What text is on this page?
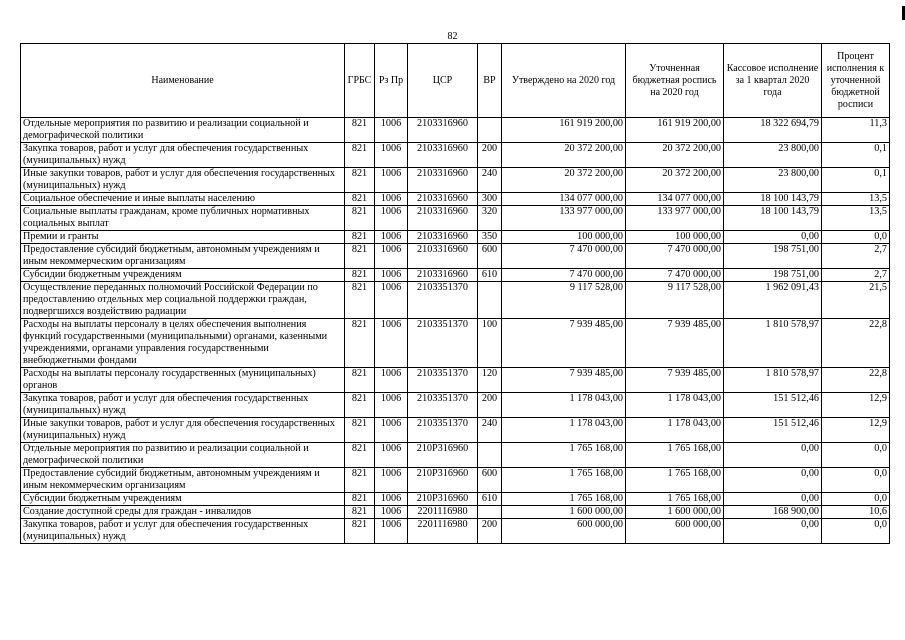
82
Наименование	ГРБС	Рз Пр	ЦСР	ВР	Утверждено на 2020 год	Уточненная бюджетная роспись на 2020 год	Кассовое исполнение за 1 квартал 2020 года	Процент исполнения к уточненной бюджетной росписи
Отдельные мероприятия по развитию и реализации социальной и демографической политики	821	1006	2103316960		161 919 200,00	161 919 200,00	18 322 694,79	11,3
Закупка товаров, работ и услуг для обеспечения государственных (муниципальных) нужд	821	1006	2103316960	200	20 372 200,00	20 372 200,00	23 800,00	0,1
Иные закупки товаров, работ и услуг для обеспечения государственных (муниципальных) нужд	821	1006	2103316960	240	20 372 200,00	20 372 200,00	23 800,00	0,1
Социальное обеспечение и иные выплаты населению	821	1006	2103316960	300	134 077 000,00	134 077 000,00	18 100 143,79	13,5
Социальные выплаты гражданам, кроме публичных нормативных социальных выплат	821	1006	2103316960	320	133 977 000,00	133 977 000,00	18 100 143,79	13,5
Премии и гранты	821	1006	2103316960	350	100 000,00	100 000,00	0,00	0,0
Предоставление субсидий бюджетным, автономным учреждениям и иным некоммерческим организациям	821	1006	2103316960	600	7 470 000,00	7 470 000,00	198 751,00	2,7
Субсидии бюджетным учреждениям	821	1006	2103316960	610	7 470 000,00	7 470 000,00	198 751,00	2,7
Осуществление переданных полномочий Российской Федерации по предоставлению отдельных мер социальной поддержки граждан, подвергшихся воздействию радиации	821	1006	2103351370		9 117 528,00	9 117 528,00	1 962 091,43	21,5
Расходы на выплаты персоналу в целях обеспечения выполнения функций государственными (муниципальными) органами, казенными учреждениями, органами управления государственными внебюджетными фондами	821	1006	2103351370	100	7 939 485,00	7 939 485,00	1 810 578,97	22,8
Расходы на выплаты персоналу государственных (муниципальных) органов	821	1006	2103351370	120	7 939 485,00	7 939 485,00	1 810 578,97	22,8
Закупка товаров, работ и услуг для обеспечения государственных (муниципальных) нужд	821	1006	2103351370	200	1 178 043,00	1 178 043,00	151 512,46	12,9
Иные закупки товаров, работ и услуг для обеспечения государственных (муниципальных) нужд	821	1006	2103351370	240	1 178 043,00	1 178 043,00	151 512,46	12,9
Отдельные мероприятия по развитию и реализации социальной и демографической политики	821	1006	210P316960		1 765 168,00	1 765 168,00	0,00	0,0
Предоставление субсидий бюджетным, автономным учреждениям и иным некоммерческим организациям	821	1006	210P316960	600	1 765 168,00	1 765 168,00	0,00	0,0
Субсидии бюджетным учреждениям	821	1006	210P316960	610	1 765 168,00	1 765 168,00	0,00	0,0
Создание доступной среды для граждан - инвалидов	821	1006	2201116980		1 600 000,00	1 600 000,00	168 900,00	10,6
Закупка товаров, работ и услуг для обеспечения государственных (муниципальных) нужд	821	1006	2201116980	200	600 000,00	600 000,00	0,00	0,0
